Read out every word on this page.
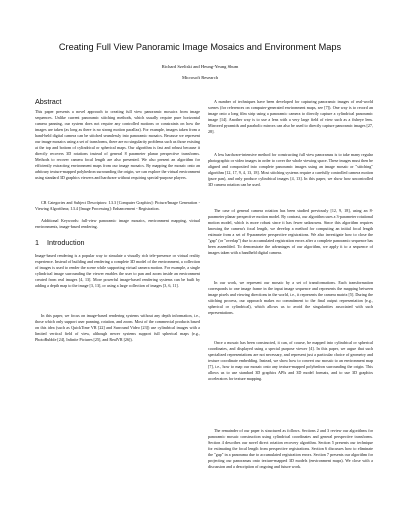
Creating Full View Panoramic Image Mosaics and Environment Maps
Richard Szeliski and Heung-Yeung Shum
Microsoft Research
Abstract

This paper presents a novel approach to creating full view panoramic mosaics from image sequences. Unlike current panoramic stitching methods, which usually require pure horizontal camera panning, our system does not require any controlled motions or constraints on how the images are taken (as long as there is no strong motion parallax). For example, images taken from a hand-held digital camera can be stitched seamlessly into panoramic mosaics. Because we represent our image mosaics using a set of transforms, there are no singularity problems such as those existing at the top and bottom of cylindrical or spherical maps. Our algorithm is fast and robust because it directly recovers 3D rotations instead of general 8 parameter planar perspective transforms. Methods to recover camera focal length are also presented. We also present an algorithm for efficiently extracting environment maps from our image mosaics. By mapping the mosaic onto an arbitrary texture-mapped polyhedron surrounding the origin, we can explore the virtual environment using standard 3D graphics viewers and hardware without requiring special-purpose players.

CR Categories and Subject Descriptors: I.3.3 [Computer Graphics]: Picture/Image Generation - Viewing Algorithms; I.3.4 [Image Processing]: Enhancement - Registration.

Additional Keywords: full-view panoramic image mosaics, environment mapping, virtual environments, image-based rendering.

1 Introduction

Image-based rendering is a popular way to simulate a visually rich tele-presence or virtual reality experience. Instead of building and rendering a complete 3D model of the environment, a collection of images is used to render the scene while supporting virtual camera motion. For example, a single cylindrical image surrounding the viewer enables the user to pan and zoom inside an environment created from real images [4, 13]. More powerful image-based rendering systems can be built by adding a depth map to the image [3, 13], or using a large collection of images [3, 6, 11].

In this paper, we focus on image-based rendering systems without any depth information, i.e., those which only support user panning, rotation, and zoom. Most of the commercial products based on this idea (such as QuickTime VR [22] and Surround Video [23]) use cylindrical images with a limited vertical field of view, although newer systems support full spherical maps (e.g., PhotoBubble [24], Infinite Pictures [25], and RealVR [26]).

A number of techniques have been developed for capturing panoramic images of real-world scenes (for references on computer-generated environment maps, see [7]). One way is to record an image onto a long film strip using a panoramic camera to directly capture a cylindrical panoramic image [14]. Another way is to use a lens with a very large field of view such as a fisheye lens. Mirrored pyramids and parabolic mirrors can also be used to directly capture panoramic images [27, 28].

A less hardware-intensive method for constructing full view panoramas is to take many regular photographic or video images in order to cover the whole viewing space. These images must then be aligned and composited into complete panoramic images using an image mosaic or "stitching" algorithm [12, 17, 9, 4, 13, 18]. Most stitching systems require a carefully controlled camera motion (pure pan), and only produce cylindrical images [4, 13]. In this paper, we show how uncontrolled 3D camera rotation can be used.

The case of general camera rotation has been studied previously [12, 9, 18], using an 8-parameter planar perspective motion model. By contrast, our algorithm uses a 3-parameter rotational motion model, which is more robust since it has fewer unknowns. Since this algorithm requires knowing the camera's focal length, we develop a method for computing an initial focal length estimate from a set of 8-parameter perspective registrations. We also investigate how to close the "gap" (or "overlap") due to accumulated registration errors after a complete panoramic sequence has been assembled. To demonstrate the advantages of our algorithm, we apply it to a sequence of images taken with a handheld digital camera.

In our work, we represent our mosaic by a set of transformations. Each transformation corresponds to one image frame in the input image sequence and represents the mapping between image pixels and viewing directions in the world, i.e., it represents the camera matrix [5]. During the stitching process, our approach makes no commitment to the final output representation (e.g., spherical or cylindrical), which allows us to avoid the singularities associated with such representations.

Once a mosaic has been constructed, it can, of course, be mapped into cylindrical or spherical coordinates, and displayed using a special purpose viewer [4]. In this paper, we argue that such specialized representations are not necessary, and represent just a particular choice of geometry and texture coordinate embedding. Instead, we show how to convert our mosaic to an environment map [7], i.e., how to map our mosaic onto any texture-mapped polyhedron surrounding the origin. This allows us to use standard 3D graphics APIs and 3D model formats, and to use 3D graphics accelerators for texture mapping.

The remainder of our paper is structured as follows. Sections 2 and 3 review our algorithms for panoramic mosaic construction using cylindrical coordinates and general perspective transforms. Section 4 describes our novel direct rotation recovery algorithm. Section 5 presents our technique for estimating the focal length from perspective registrations. Section 6 discusses how to eliminate the "gap" in a panorama due to accumulated registration errors. Section 7 presents our algorithm for projecting our panoramas onto texture-mapped 3D models (environment maps). We close with a discussion and a description of ongoing and future work.
